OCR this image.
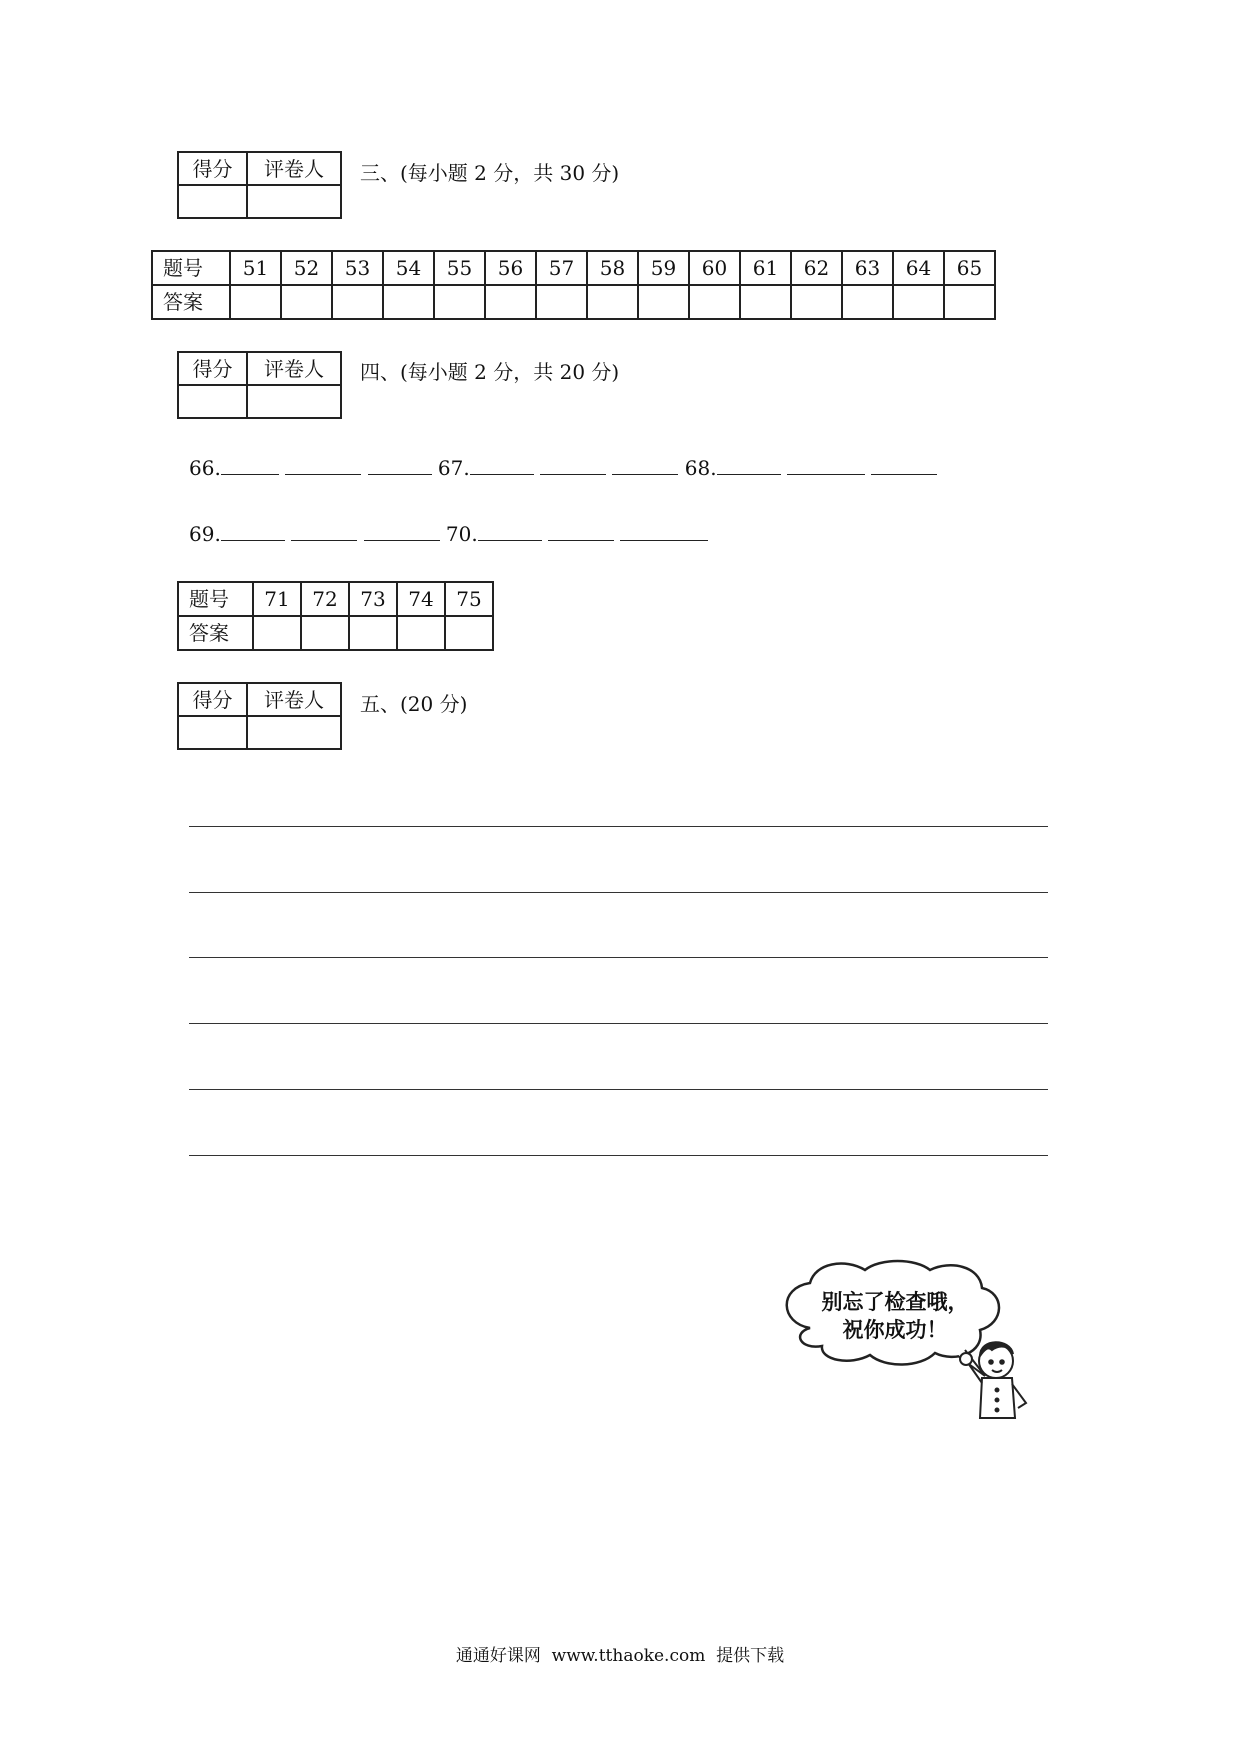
得分	评卷人
	三、(每小题 2 分，共 30 分)
题号	51	52	53	54	55	56	57	58	59	60	61	62	63	64	65
答案															
得分	评卷人
	四、(每小题 2 分，共 20 分)
66.	67.	68.
69.	70.
题号	71	72	73	74	75
答案					
得分	评卷人
	五、(20 分)
别忘了检查哦，
祝你成功！
通通好课网  www.tthaoke.com  提供下载
